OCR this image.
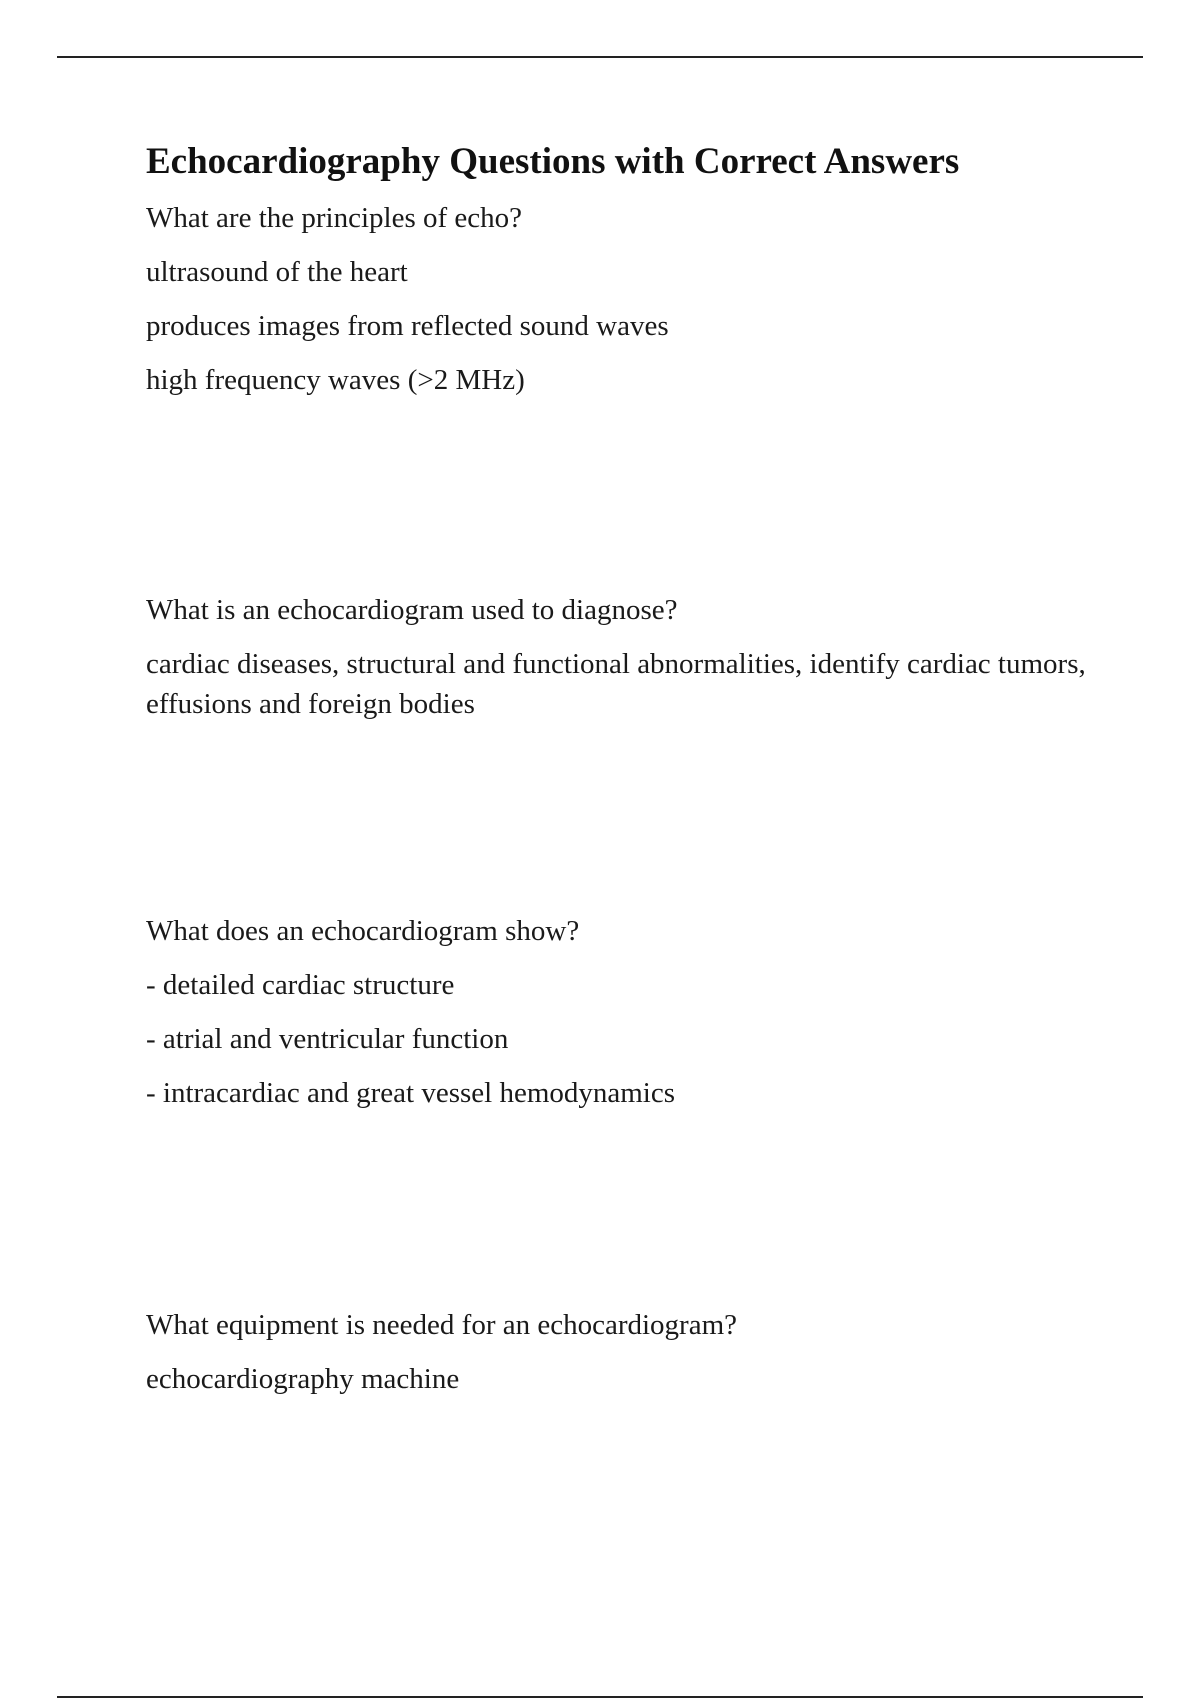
Echocardiography Questions with Correct Answers

What are the principles of echo?

ultrasound of the heart

produces images from reflected sound waves

high frequency waves (>2 MHz)

What is an echocardiogram used to diagnose?

cardiac diseases, structural and functional abnormalities, identify cardiac tumors, effusions and foreign bodies

What does an echocardiogram show?

- detailed cardiac structure

- atrial and ventricular function

- intracardiac and great vessel hemodynamics

What equipment is needed for an echocardiogram?

echocardiography machine
